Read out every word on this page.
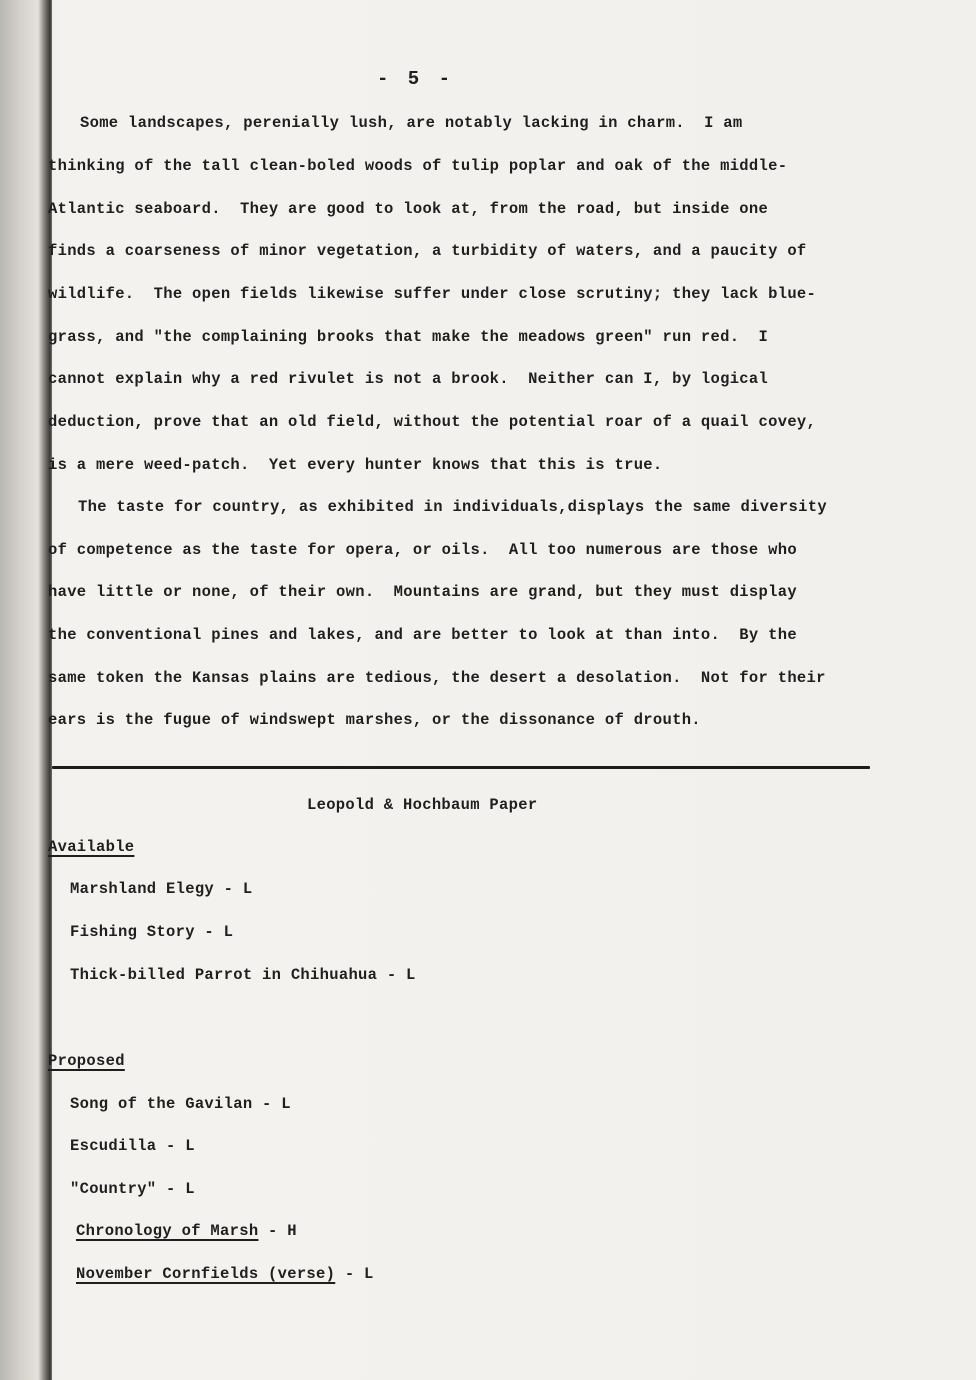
- 5 -
Some landscapes, perenially lush, are notably lacking in charm.  I am
thinking of the tall clean-boled woods of tulip poplar and oak of the middle-
Atlantic seaboard.  They are good to look at, from the road, but inside one
finds a coarseness of minor vegetation, a turbidity of waters, and a paucity of
wildlife.  The open fields likewise suffer under close scrutiny; they lack blue-
grass, and "the complaining brooks that make the meadows green" run red.  I
cannot explain why a red rivulet is not a brook.  Neither can I, by logical
deduction, prove that an old field, without the potential roar of a quail covey,
is a mere weed-patch.  Yet every hunter knows that this is true.
The taste for country, as exhibited in individuals,displays the same diversity
of competence as the taste for opera, or oils.  All too numerous are those who
have little or none, of their own.  Mountains are grand, but they must display
the conventional pines and lakes, and are better to look at than into.  By the
same token the Kansas plains are tedious, the desert a desolation.  Not for their
ears is the fugue of windswept marshes, or the dissonance of drouth.
Leopold & Hochbaum Paper
Available
Marshland Elegy - L
Fishing Story - L
Thick-billed Parrot in Chihuahua - L
Proposed
Song of the Gavilan - L
Escudilla - L
"Country" - L
Chronology of Marsh - H
November Cornfields (verse) - L
